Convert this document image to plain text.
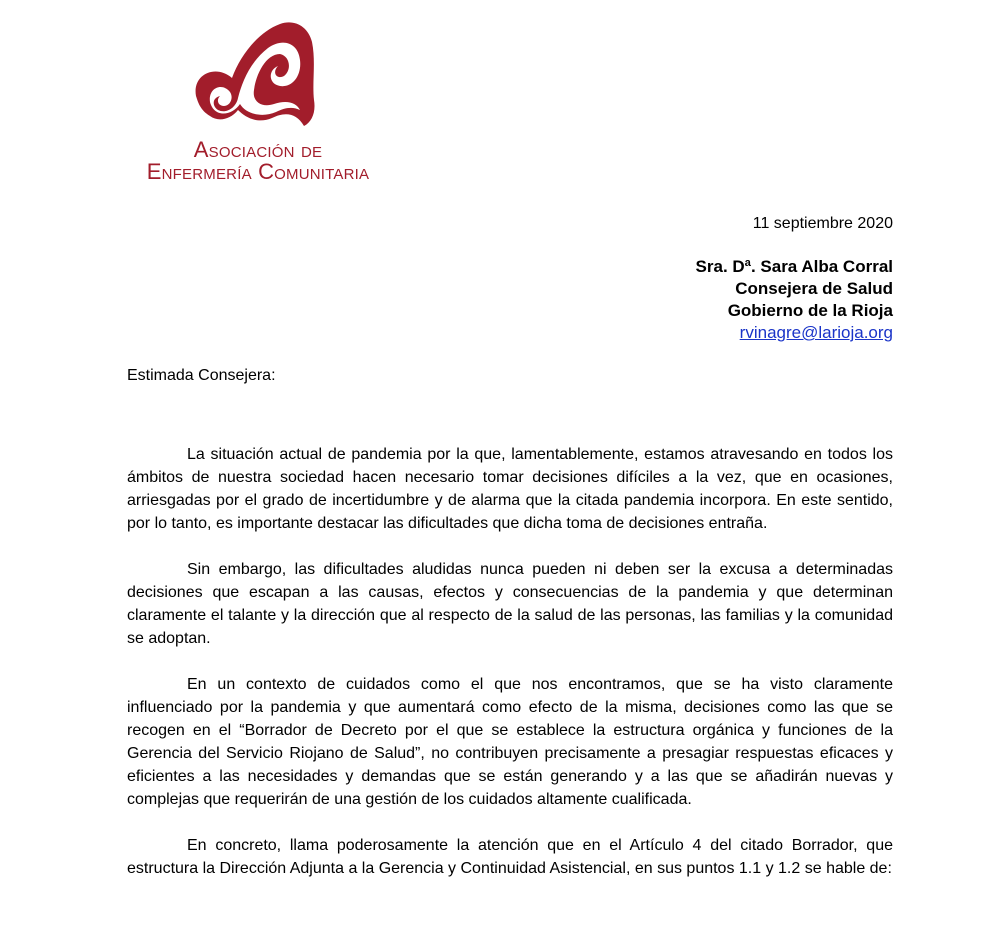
Asociación de
Enfermería Comunitaria
11 septiembre 2020
Sra. Dª. Sara Alba Corral
Consejera de Salud
Gobierno de la Rioja
rvinagre@larioja.org
Estimada Consejera:

La situación actual de pandemia por la que, lamentablemente, estamos atravesando en todos los ámbitos de nuestra sociedad hacen necesario tomar decisiones difíciles a la vez, que en ocasiones, arriesgadas por el grado de incertidumbre y de alarma que la citada pandemia incorpora. En este sentido, por lo tanto, es importante destacar las dificultades que dicha toma de decisiones entraña.

Sin embargo, las dificultades aludidas nunca pueden ni deben ser la excusa a determinadas decisiones que escapan a las causas, efectos y consecuencias de la pandemia y que determinan claramente el talante y la dirección que al respecto de la salud de las personas, las familias y la comunidad se adoptan.

En un contexto de cuidados como el que nos encontramos, que se ha visto claramente influenciado por la pandemia y que aumentará como efecto de la misma, decisiones como las que se recogen en el “Borrador de Decreto por el que se establece la estructura orgánica y funciones de la Gerencia del Servicio Riojano de Salud”, no contribuyen precisamente a presagiar respuestas eficaces y eficientes a las necesidades y demandas que se están generando y a las que se añadirán nuevas y complejas que requerirán de una gestión de los cuidados altamente cualificada.

En concreto, llama poderosamente la atención que en el Artículo 4 del citado Borrador, que estructura la Dirección Adjunta a la Gerencia y Continuidad Asistencial, en sus puntos 1.1 y 1.2 se hable de:
